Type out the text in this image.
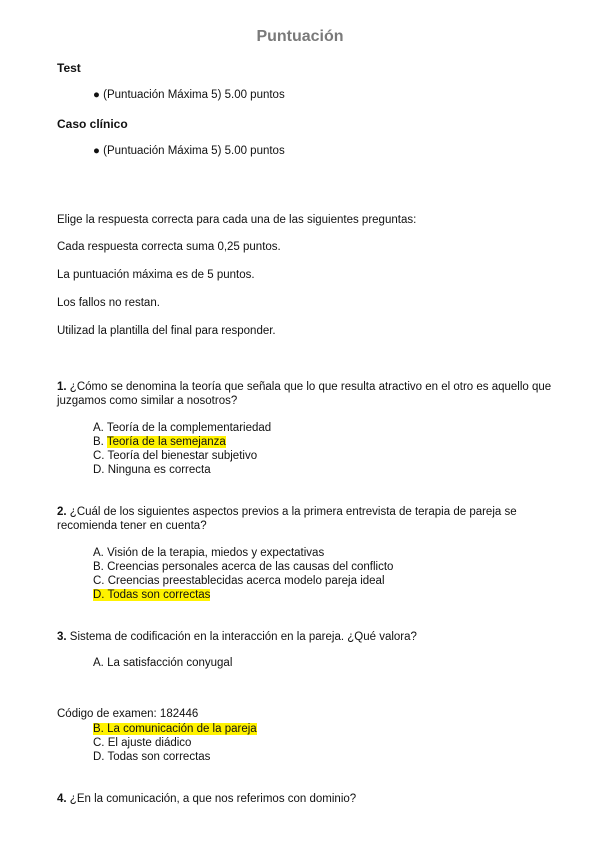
Puntuación
Test
● (Puntuación Máxima 5) 5.00 puntos
Caso clínico
● (Puntuación Máxima 5) 5.00 puntos
Elige la respuesta correcta para cada una de las siguientes preguntas:
Cada respuesta correcta suma 0,25 puntos.
La puntuación máxima es de 5 puntos.
Los fallos no restan.
Utilizad la plantilla del final para responder.
1. ¿Cómo se denomina la teoría que señala que lo que resulta atractivo en el otro es aquello que juzgamos como similar a nosotros?
A. Teoría de la complementariedad
B. Teoría de la semejanza
C. Teoría del bienestar subjetivo
D. Ninguna es correcta
2. ¿Cuál de los siguientes aspectos previos a la primera entrevista de terapia de pareja se recomienda tener en cuenta?
A. Visión de la terapia, miedos y expectativas
B. Creencias personales acerca de las causas del conflicto
C. Creencias preestablecidas acerca modelo pareja ideal
D. Todas son correctas
3. Sistema de codificación en la interacción en la pareja. ¿Qué valora?
A. La satisfacción conyugal
Código de examen: 182446
B. La comunicación de la pareja
C. El ajuste diádico
D. Todas son correctas
4. ¿En la comunicación, a que nos referimos con dominio?
